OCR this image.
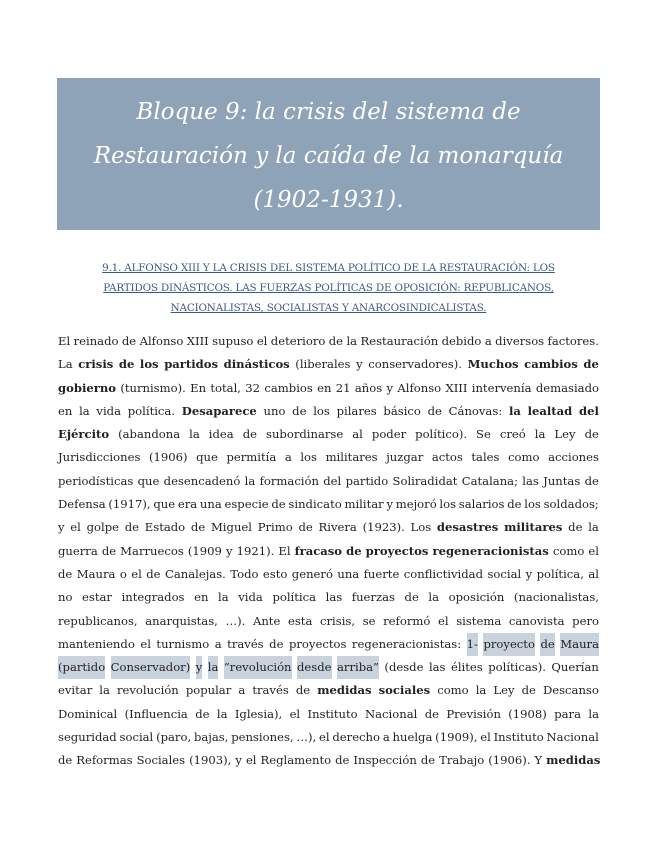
Bloque 9: la crisis del sistema de
Restauración y la caída de la monarquía
(1902-1931).
9.1. ALFONSO XIII Y LA CRISIS DEL SISTEMA POLÍTICO DE LA RESTAURACIÓN: LOS
PARTIDOS DINÁSTICOS. LAS FUERZAS POLÍTICAS DE OPOSICIÓN: REPUBLICANOS,
NACIONALISTAS, SOCIALISTAS Y ANARCOSINDICALISTAS.
El reinado de Alfonso XIII supuso el deterioro de la Restauración debido a diversos factores.
La crisis de los partidos dinásticos (liberales y conservadores). Muchos cambios de
gobierno (turnismo). En total, 32 cambios en 21 años y Alfonso XIII intervenía demasiado
en la vida política. Desaparece uno de los pilares básico de Cánovas: la lealtad del
Ejército (abandona la idea de subordinarse al poder político). Se creó la Ley de
Jurisdicciones (1906) que permitía a los militares juzgar actos tales como acciones
periodísticas que desencadenó la formación del partido Soliradidat Catalana; las Juntas de
Defensa (1917), que era una especie de sindicato militar y mejoró los salarios de los soldados;
y el golpe de Estado de Miguel Primo de Rivera (1923). Los desastres militares de la
guerra de Marruecos (1909 y 1921). El fracaso de proyectos regeneracionistas como el
de Maura o el de Canalejas. Todo esto generó una fuerte conflictividad social y política, al
no estar integrados en la vida política las fuerzas de la oposición (nacionalistas,
republicanos, anarquistas, …). Ante esta crisis, se reformó el sistema canovista pero
manteniendo el turnismo a través de proyectos regeneracionistas: 1- proyecto de Maura
(partido Conservador) y la “revolución desde arriba” (desde las élites políticas). Querían
evitar la revolución popular a través de medidas sociales como la Ley de Descanso
Dominical (Influencia de la Iglesia), el Instituto Nacional de Previsión (1908) para la
seguridad social (paro, bajas, pensiones, …), el derecho a huelga (1909), el Instituto Nacional
de Reformas Sociales (1903), y el Reglamento de Inspección de Trabajo (1906). Y medidas
